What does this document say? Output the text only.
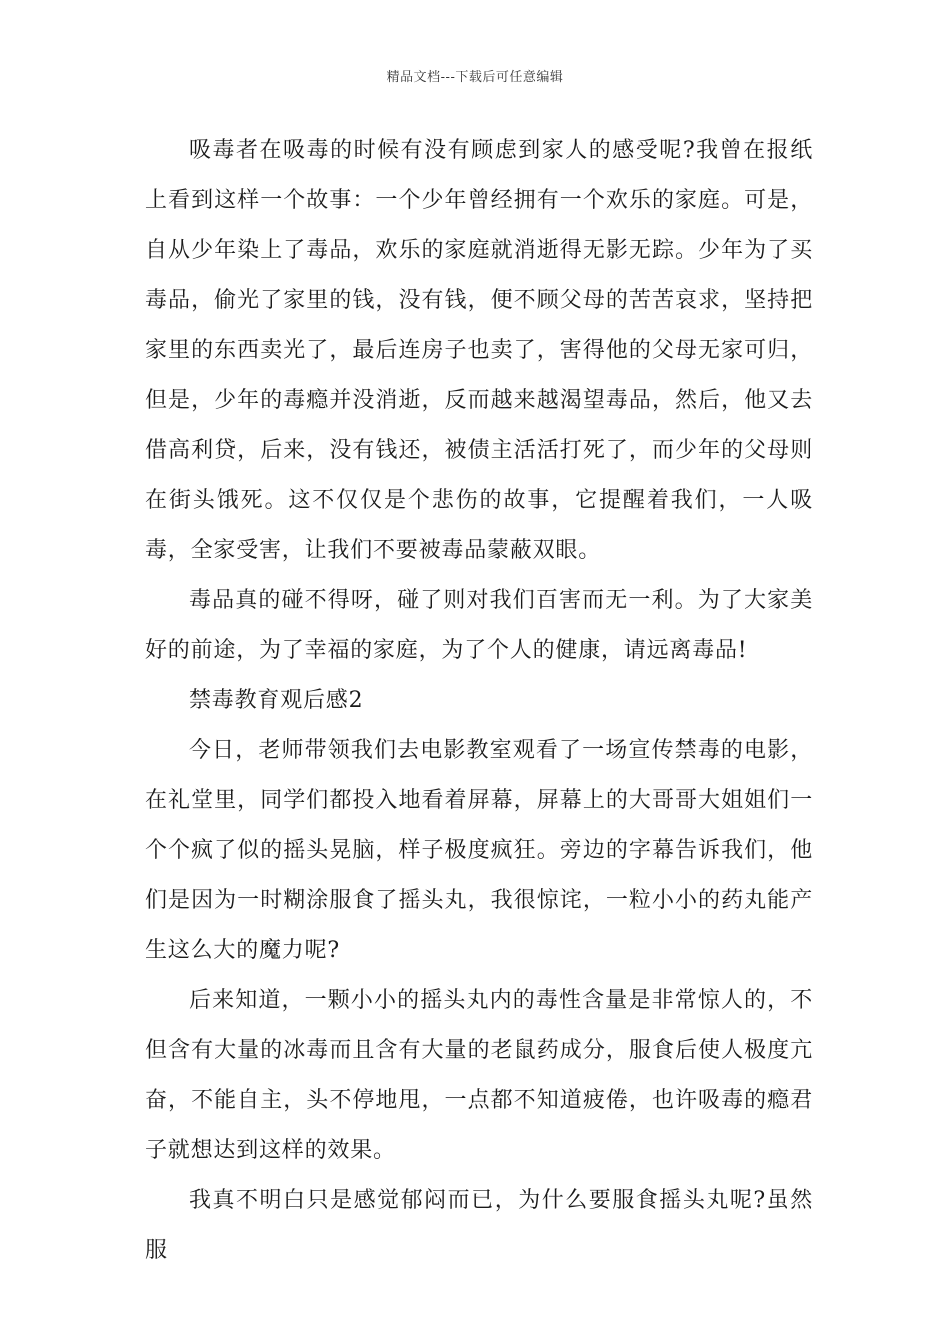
精品文档---下载后可任意编辑

吸毒者在吸毒的时候有没有顾虑到家人的感受呢?我曾在报纸上看到这样一个故事：一个少年曾经拥有一个欢乐的家庭。可是，自从少年染上了毒品，欢乐的家庭就消逝得无影无踪。少年为了买毒品，偷光了家里的钱，没有钱，便不顾父母的苦苦哀求，坚持把家里的东西卖光了，最后连房子也卖了，害得他的父母无家可归，但是，少年的毒瘾并没消逝，反而越来越渴望毒品，然后，他又去借高利贷，后来，没有钱还，被债主活活打死了，而少年的父母则在街头饿死。这不仅仅是个悲伤的故事，它提醒着我们，一人吸毒，全家受害，让我们不要被毒品蒙蔽双眼。

毒品真的碰不得呀，碰了则对我们百害而无一利。为了大家美好的前途，为了幸福的家庭，为了个人的健康，请远离毒品!

禁毒教育观后感2

今日，老师带领我们去电影教室观看了一场宣传禁毒的电影，在礼堂里，同学们都投入地看着屏幕，屏幕上的大哥哥大姐姐们一个个疯了似的摇头晃脑，样子极度疯狂。旁边的字幕告诉我们，他们是因为一时糊涂服食了摇头丸，我很惊诧，一粒小小的药丸能产生这么大的魔力呢?

后来知道，一颗小小的摇头丸内的毒性含量是非常惊人的，不但含有大量的冰毒而且含有大量的老鼠药成分，服食后使人极度亢奋，不能自主，头不停地甩，一点都不知道疲倦，也许吸毒的瘾君子就想达到这样的效果。

我真不明白只是感觉郁闷而已，为什么要服食摇头丸呢?虽然服
